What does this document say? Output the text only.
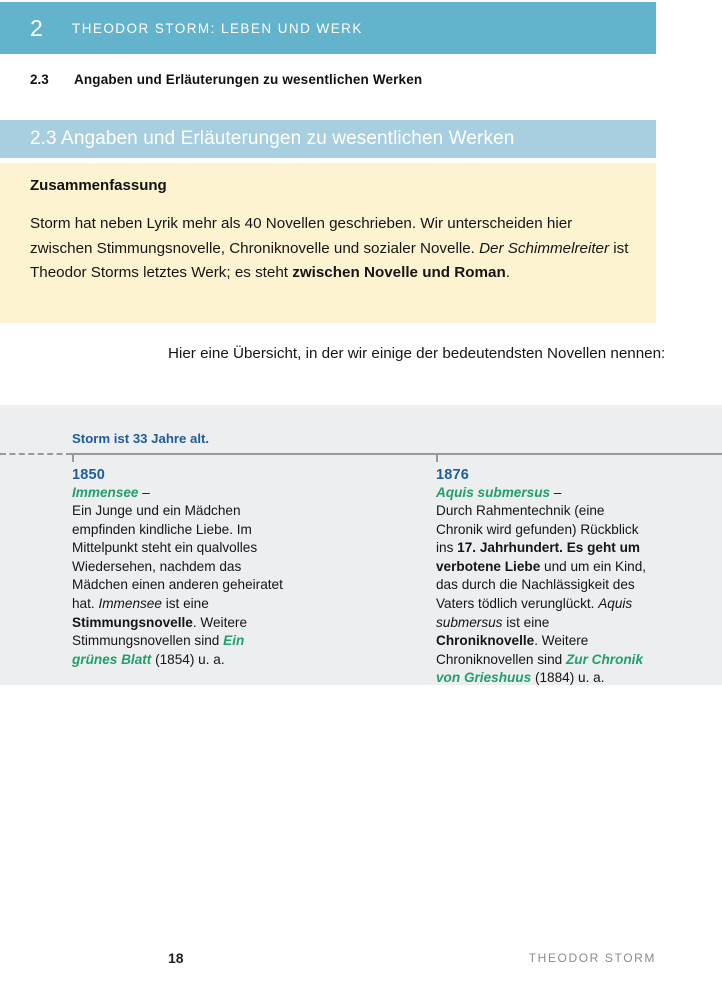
2	THEODOR STORM: LEBEN UND WERK
2.3	Angaben und Erläuterungen zu wesentlichen Werken
2.3 Angaben und Erläuterungen zu wesentlichen Werken
Zusammenfassung
Storm hat neben Lyrik mehr als 40 Novellen geschrieben. Wir unterscheiden hier zwischen Stimmungsnovelle, Chroniknovelle und sozialer Novelle. Der Schimmelreiter ist Theodor Storms letztes Werk; es steht zwischen Novelle und Roman.
Hier eine Übersicht, in der wir einige der bedeutendsten Novellen nennen:
Storm ist 33 Jahre alt.
1850
Immensee –
Ein Junge und ein Mädchen empfinden kindliche Liebe. Im Mittelpunkt steht ein qualvolles Wiedersehen, nachdem das Mädchen einen anderen geheiratet hat. Immensee ist eine Stimmungsnovelle. Weitere Stimmungsnovellen sind Ein grünes Blatt (1854) u. a.
1876
Aquis submersus –
Durch Rahmentechnik (eine Chronik wird gefunden) Rückblick ins 17. Jahrhundert. Es geht um verbotene Liebe und um ein Kind, das durch die Nachlässigkeit des Vaters tödlich verunglückt. Aquis submersus ist eine Chroniknovelle. Weitere Chroniknovellen sind Zur Chronik von Grieshuus (1884) u. a.
18	THEODOR STORM
